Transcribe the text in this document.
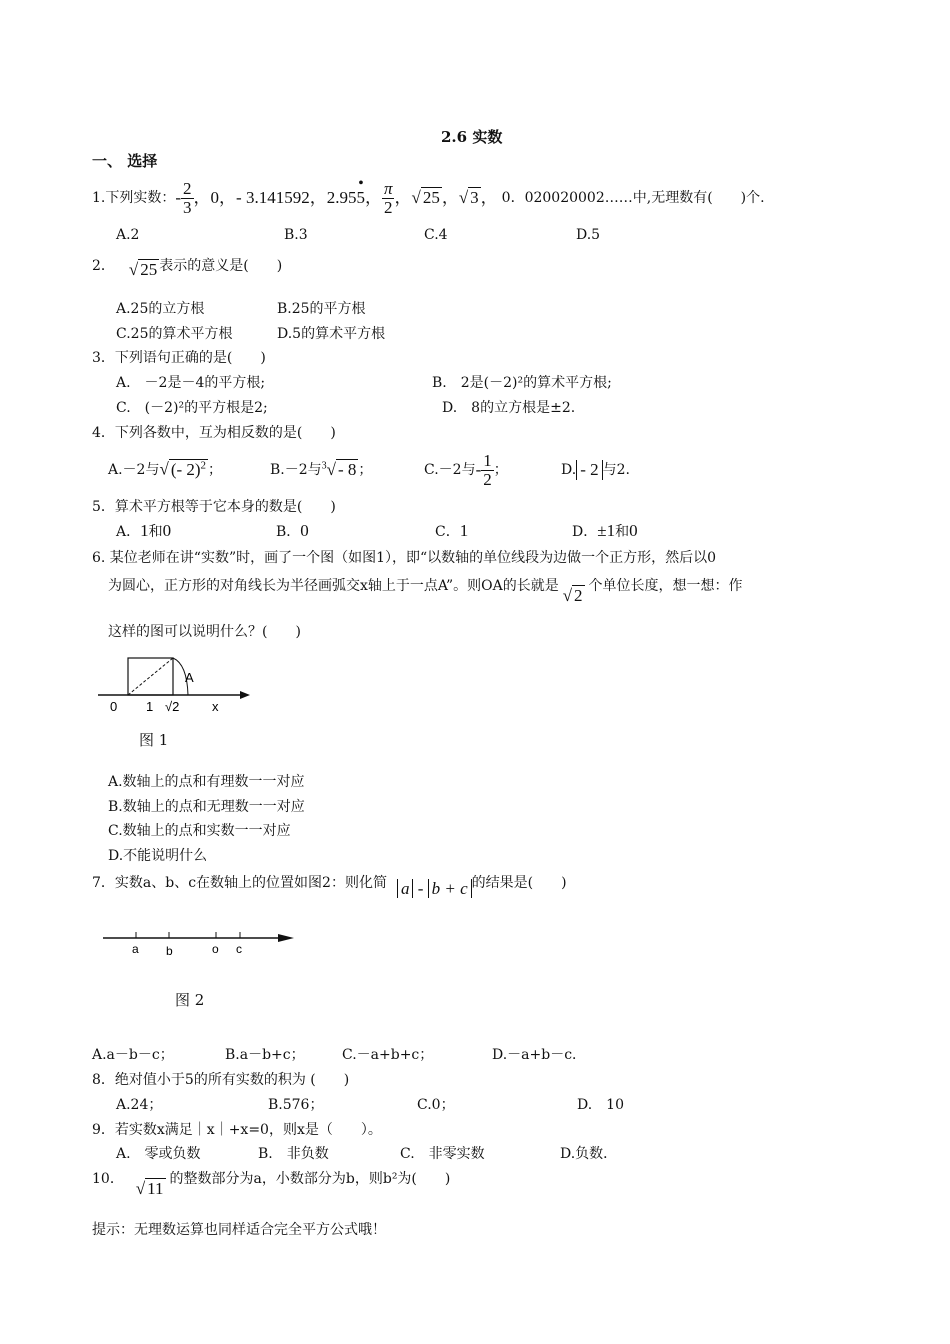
2.6 实数
一、 选择
1.下列实数： - $\frac{2}{3}$ ，0， - 3.141592 ， 2.95
•
5 ， $\frac{\pi}{2}$ ， √ 25 ， √ 3 ， 0．020020002……中,无理数有(　　)个.
A.2	B.3	C.4	D.5
2． √ 25 表示的意义是(　　)
A.25的立方根	B.25的平方根
C.25的算术平方根	D.5的算术平方根
3．下列语句正确的是(　　)
A.　－2是－4的平方根;	B.　2是(－2)²的算术平方根;
C.　(－2)²的平方根是2;	D.　8的立方根是±2.
4．下列各数中，互为相反数的是(　　)
A.－2与 √ (- 2)$^2$ ；	B.－2与 $^3$√ - 8 ；	C.－2与 - $\frac{1}{2}$ ；	D. - 2 与2.
5．算术平方根等于它本身的数是(　　)
A．1和0	B．0	C．1	D．±1和0
6. 某位老师在讲“实数”时，画了一个图（如图1），即“以数轴的单位线段为边做一个正方形，然后以0
为圆心，正方形的对角线长为半径画弧交x轴上于一点A”。则OA的长就是
√ 2
个单位长度，想一想：作
这样的图可以说明什么？(　　)
A
0 1 √2	x
图 1
A.数轴上的点和有理数一一对应
B.数轴上的点和无理数一一对应
C.数轴上的点和实数一一对应
D.不能说明什么
7．实数a、b、c在数轴上的位置如图2：则化简 a - b + c 的结果是(　　)
a b	o c
图 2
A.a－b－c；	B.a－b+c；	C.－a+b+c；	D.－a+b－c．
8．绝对值小于5的所有实数的积为 (　　)
A.24；	B.576；	C.0；	D.　10
9．若实数x满足｜x｜+x=0，则x是（　　）。
A.　零或负数	B.　非负数	C.　非零实数	D.负数．
10． √ 11 的整数部分为a，小数部分为b，则b²为(　　)
提示：无理数运算也同样适合完全平方公式哦！
